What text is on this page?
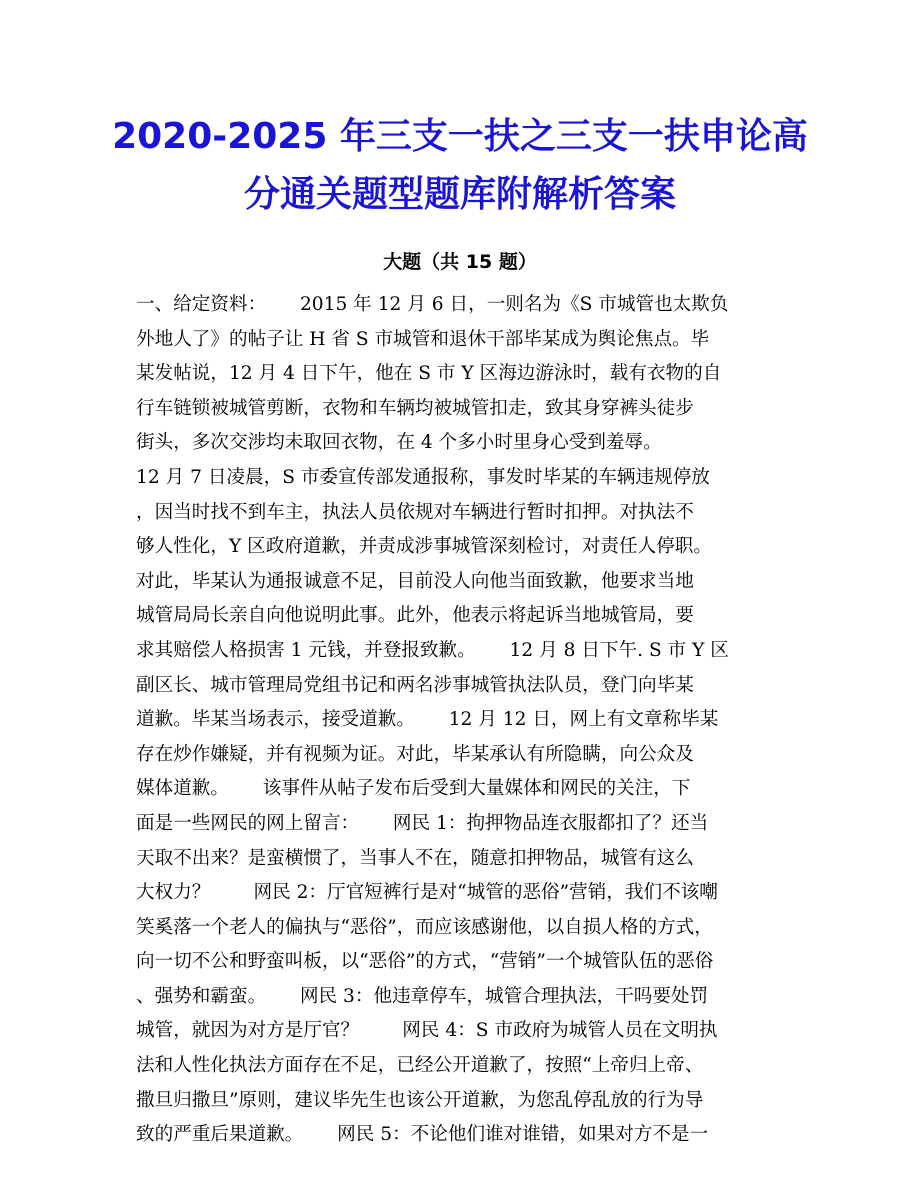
2020-2025 年三支一扶之三支一扶申论高
分通关题型题库附解析答案
大题（共 15 题）
一、给定资料：　　 2015 年 12 月 6 日，一则名为《S 市城管也太欺负
外地人了》的帖子让 H 省 S 市城管和退休干部毕某成为舆论焦点。毕
某发帖说，12 月 4 日下午，他在 S 市 Y 区海边游泳时，载有衣物的自
行车链锁被城管剪断，衣物和车辆均被城管扣走，致其身穿裤头徒步
街头，多次交涉均未取回衣物，在 4 个多小时里身心受到羞辱。
12 月 7 日凌晨，S 市委宣传部发通报称，事发时毕某的车辆违规停放
，因当时找不到车主，执法人员依规对车辆进行暂时扣押。对执法不
够人性化，Y 区政府道歉，并责成涉事城管深刻检讨，对责任人停职。
对此，毕某认为通报诚意不足，目前没人向他当面致歉，他要求当地
城管局局长亲自向他说明此事。此外，他表示将起诉当地城管局，要
求其赔偿人格损害 1 元钱，并登报致歉。　　 12 月 8 日下午. S 市 Y 区
副区长、城市管理局党组书记和两名涉事城管执法队员，登门向毕某
道歉。毕某当场表示，接受道歉。　　 12 月 12 日，网上有文章称毕某
存在炒作嫌疑，并有视频为证。对此，毕某承认有所隐瞒，向公众及
媒体道歉。　　 该事件从帖子发布后受到大量媒体和网民的关注，下
面是一些网民的网上留言：　　 网民 1：拘押物品连衣服都扣了？还当
天取不出来？是蛮横惯了，当事人不在，随意扣押物品，城管有这么
大权力？　　 网民 2：厅官短裤行是对“城管的恶俗”营销，我们不该嘲
笑奚落一个老人的偏执与“恶俗”，而应该感谢他，以自损人格的方式，
向一切不公和野蛮叫板，以“恶俗”的方式，“营销”一个城管队伍的恶俗
、强势和霸蛮。　　 网民 3：他违章停车，城管合理执法，干吗要处罚
城管，就因为对方是厅官？　　 网民 4：S 市政府为城管人员在文明执
法和人性化执法方面存在不足，已经公开道歉了，按照“上帝归上帝、
撒旦归撒旦”原则，建议毕先生也该公开道歉，为您乱停乱放的行为导
致的严重后果道歉。　　 网民 5：不论他们谁对谁错，如果对方不是一
